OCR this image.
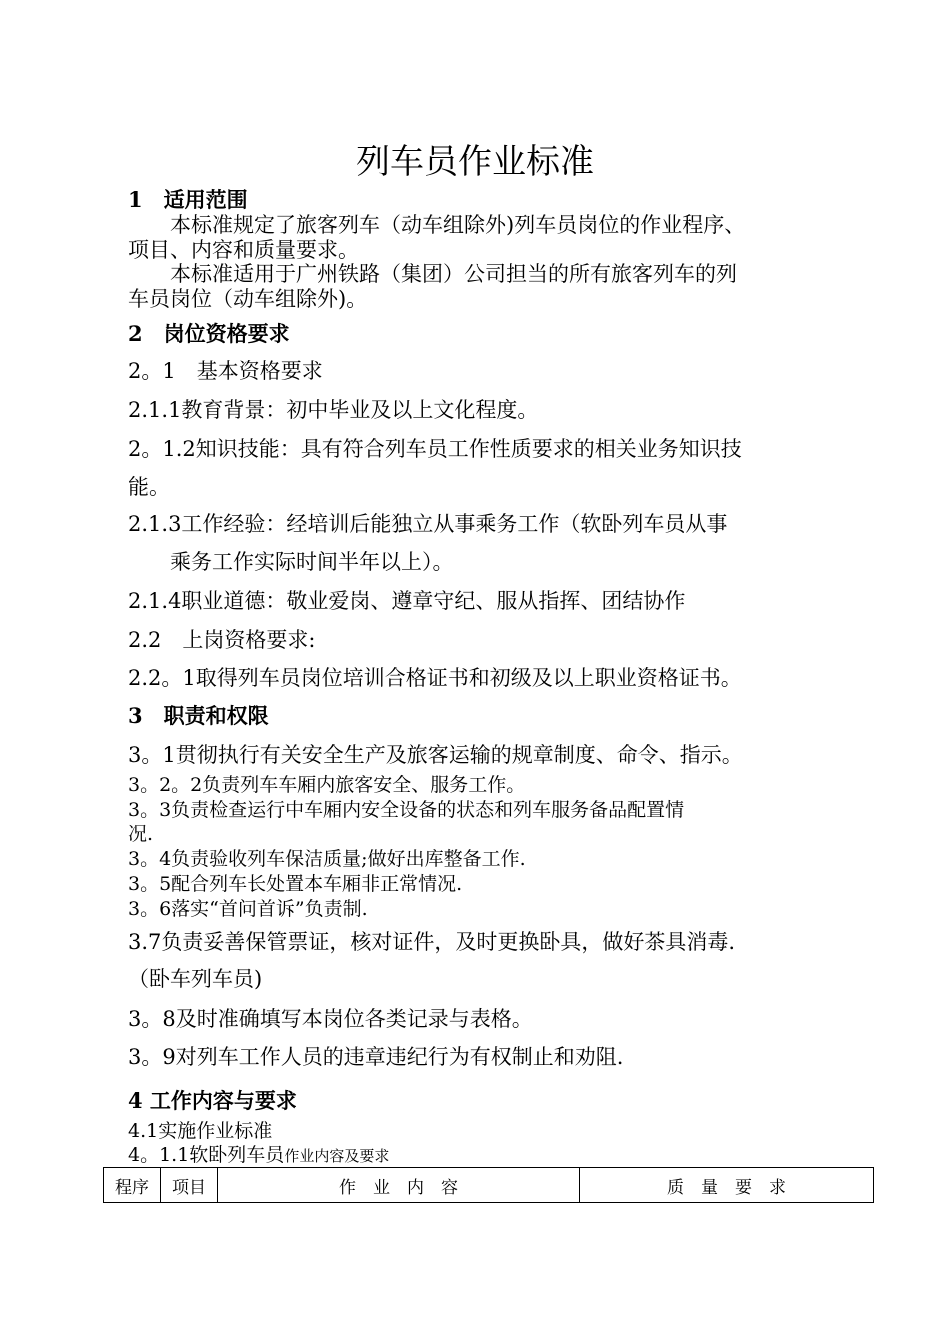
列车员作业标准
1　适用范围
　　本标准规定了旅客列车（动车组除外)列车员岗位的作业程序、
项目、内容和质量要求。
　　本标准适用于广州铁路（集团）公司担当的所有旅客列车的列
车员岗位（动车组除外)。
2　岗位资格要求
2。1　基本资格要求
2.1.1教育背景：初中毕业及以上文化程度。
2。1.2知识技能：具有符合列车员工作性质要求的相关业务知识技
能。
2.1.3工作经验：经培训后能独立从事乘务工作（软卧列车员从事
　　乘务工作实际时间半年以上）。
2.1.4职业道德：敬业爱岗、遵章守纪、服从指挥、团结协作
2.2　上岗资格要求:
2.2。1取得列车员岗位培训合格证书和初级及以上职业资格证书。
3　职责和权限
3。1贯彻执行有关安全生产及旅客运输的规章制度、命令、指示。
3。2。2负责列车车厢内旅客安全、服务工作。
3。3负责检查运行中车厢内安全设备的状态和列车服务备品配置情
况.
3。4负责验收列车保洁质量;做好出库整备工作.
3。5配合列车长处置本车厢非正常情况.
3。6落实“首问首诉”负责制.
3.7负责妥善保管票证，核对证件，及时更换卧具，做好茶具消毒.
（卧车列车员)
3。8及时准确填写本岗位各类记录与表格。
3。9对列车工作人员的违章违纪行为有权制止和劝阻.
4 工作内容与要求
4.1实施作业标准
4。1.1软卧列车员作业内容及要求
程序	项目	作　业　内　容	质　量　要　求
